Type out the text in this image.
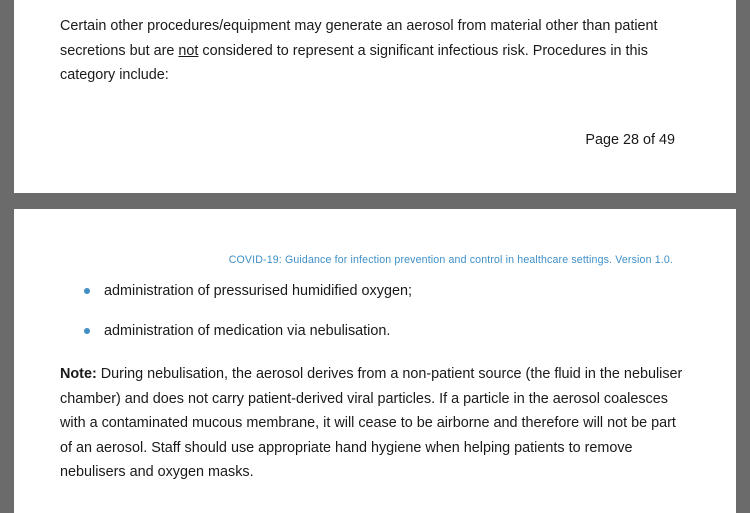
Certain other procedures/equipment may generate an aerosol from material other than patient secretions but are not considered to represent a significant infectious risk. Procedures in this category include:

Page 28 of 49
COVID-19: Guidance for infection prevention and control in healthcare settings. Version 1.0.
administration of pressurised humidified oxygen;
administration of medication via nebulisation.

Note: During nebulisation, the aerosol derives from a non-patient source (the fluid in the nebuliser chamber) and does not carry patient-derived viral particles. If a particle in the aerosol coalesces with a contaminated mucous membrane, it will cease to be airborne and therefore will not be part of an aerosol. Staff should use appropriate hand hygiene when helping patients to remove nebulisers and oxygen masks.
